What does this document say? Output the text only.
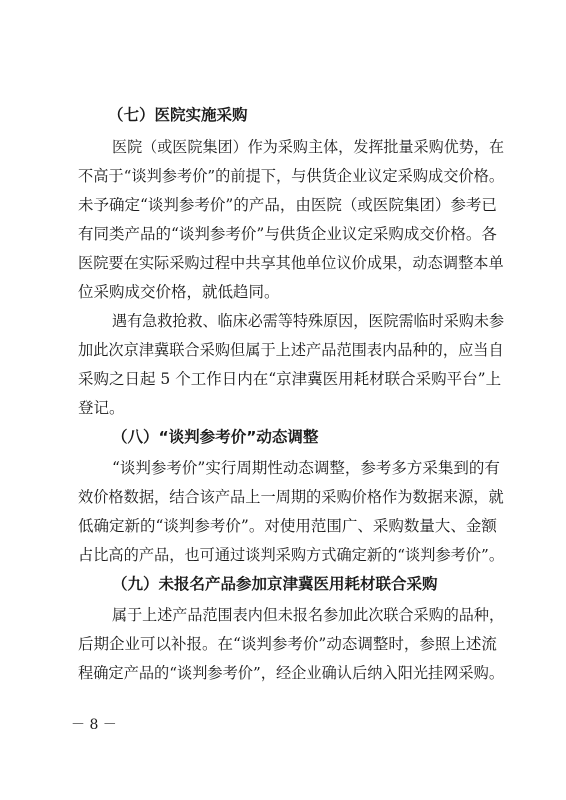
（七）医院实施采购
医院（或医院集团）作为采购主体，发挥批量采购优势，在
不高于“谈判参考价”的前提下，与供货企业议定采购成交价格。
未予确定“谈判参考价”的产品，由医院（或医院集团）参考已
有同类产品的“谈判参考价”与供货企业议定采购成交价格。各
医院要在实际采购过程中共享其他单位议价成果，动态调整本单
位采购成交价格，就低趋同。
遇有急救抢救、临床必需等特殊原因，医院需临时采购未参
加此次京津冀联合采购但属于上述产品范围表内品种的，应当自
采购之日起 5 个工作日内在“京津冀医用耗材联合采购平台”上
登记。
（八）“谈判参考价”动态调整
“谈判参考价”实行周期性动态调整，参考多方采集到的有
效价格数据，结合该产品上一周期的采购价格作为数据来源，就
低确定新的“谈判参考价”。对使用范围广、采购数量大、金额
占比高的产品，也可通过谈判采购方式确定新的“谈判参考价”。
（九）未报名产品参加京津冀医用耗材联合采购
属于上述产品范围表内但未报名参加此次联合采购的品种，
后期企业可以补报。在“谈判参考价”动态调整时，参照上述流
程确定产品的“谈判参考价”，经企业确认后纳入阳光挂网采购。
－ 8 －
